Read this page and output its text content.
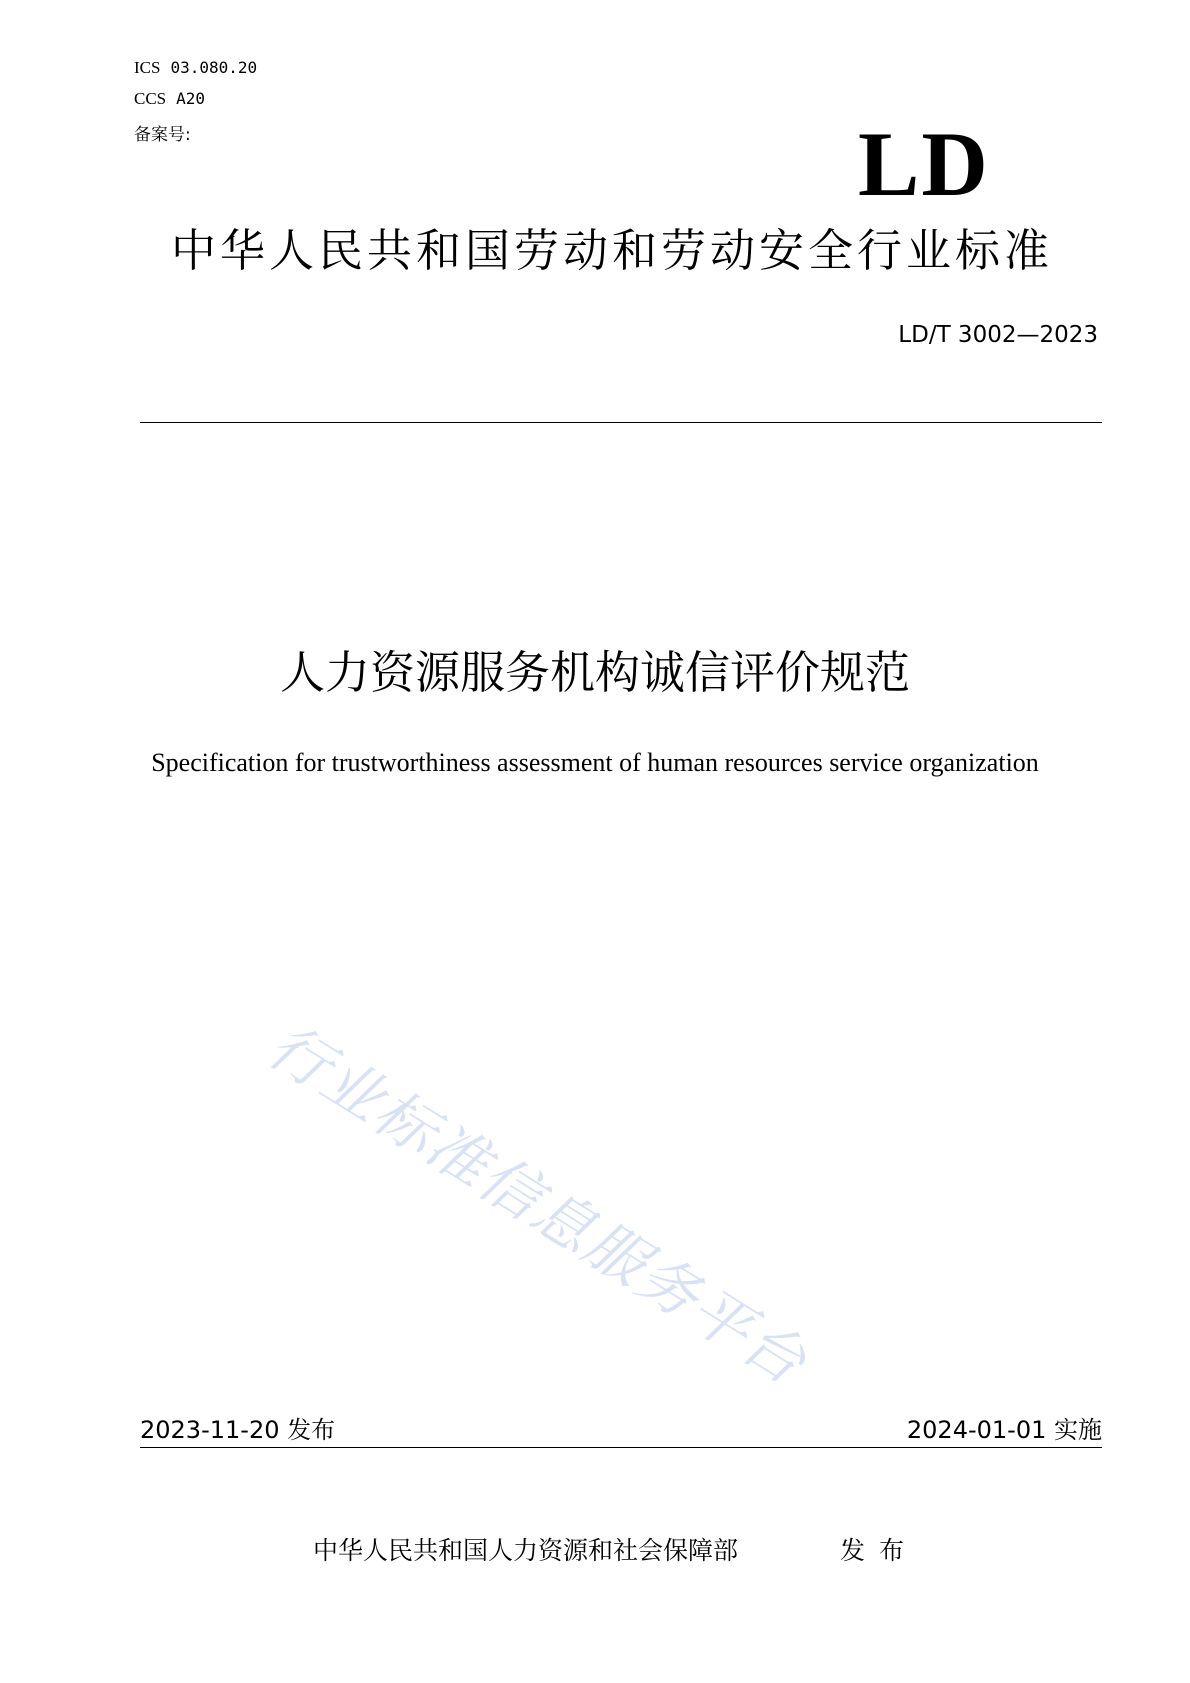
ICS 03.080.20
CCS A20
备案号:	LD
中华人民共和国劳动和劳动安全行业标准
LD/T 3002—2023
人力资源服务机构诚信评价规范
Specification for trustworthiness assessment of human resources service organization
行业标准信息服务平台
2023-11-20 发布	2024-01-01 实施
中华人民共和国人力资源和社会保障部	发布
